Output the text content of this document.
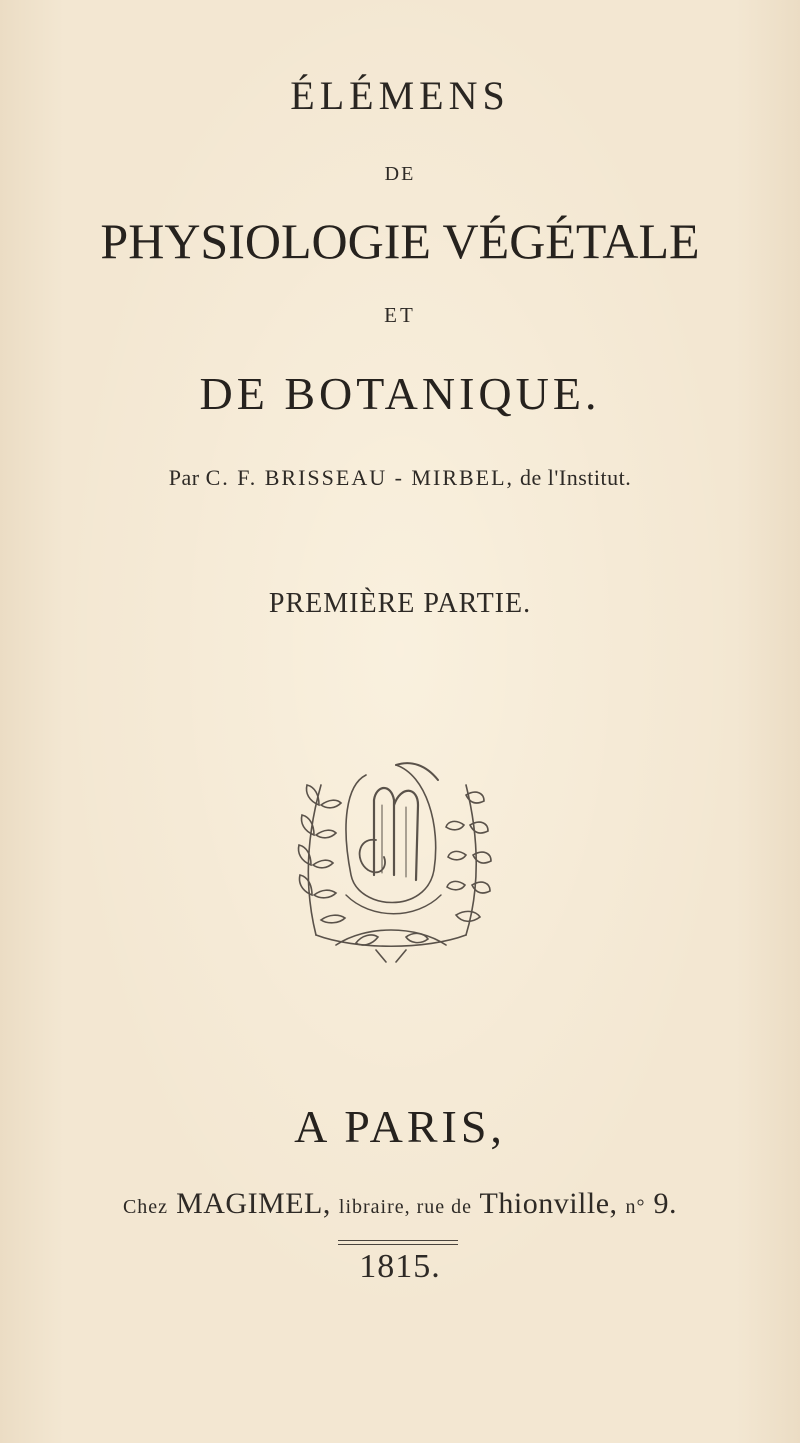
ÉLÉMENS
DE
PHYSIOLOGIE VÉGÉTALE
ET
DE BOTANIQUE.
Par C. F. BRISSEAU - MIRBEL, de l'Institut.
PREMIÈRE PARTIE.
A PARIS,
Chez MAGIMEL, libraire, rue de Thionville, n° 9.
1815.
